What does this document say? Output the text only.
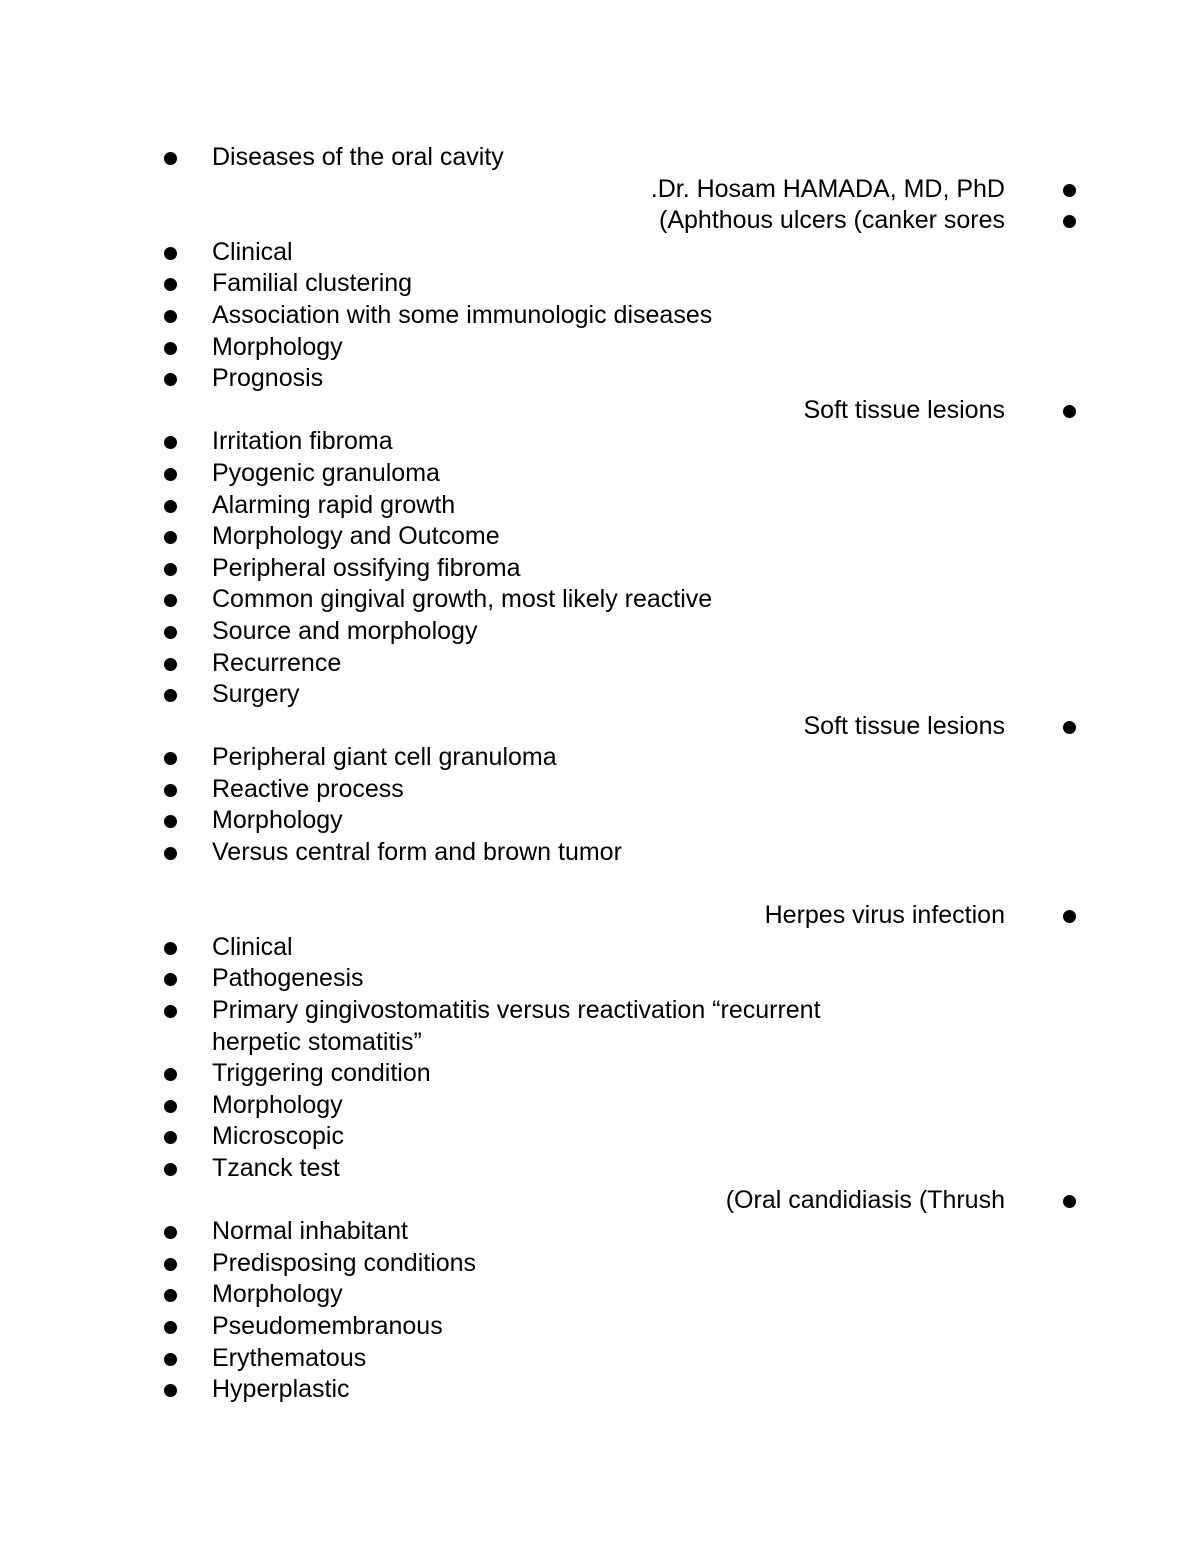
Diseases of the oral cavity
.Dr. Hosam HAMADA, MD, PhD
(Aphthous ulcers (canker sores
Clinical
Familial clustering
Association with some immunologic diseases
Morphology
Prognosis
Soft tissue lesions
Irritation fibroma
Pyogenic granuloma
Alarming rapid growth
Morphology and Outcome
Peripheral ossifying fibroma
Common gingival growth, most likely reactive
Source and morphology
Recurrence
Surgery
Soft tissue lesions
Peripheral giant cell granuloma
Reactive process
Morphology
Versus central form and brown tumor
Herpes virus infection
Clinical
Pathogenesis
Primary gingivostomatitis versus reactivation “recurrent herpetic stomatitis”
Triggering condition
Morphology
Microscopic
Tzanck test
(Oral candidiasis (Thrush
Normal inhabitant
Predisposing conditions
Morphology
Pseudomembranous
Erythematous
Hyperplastic
